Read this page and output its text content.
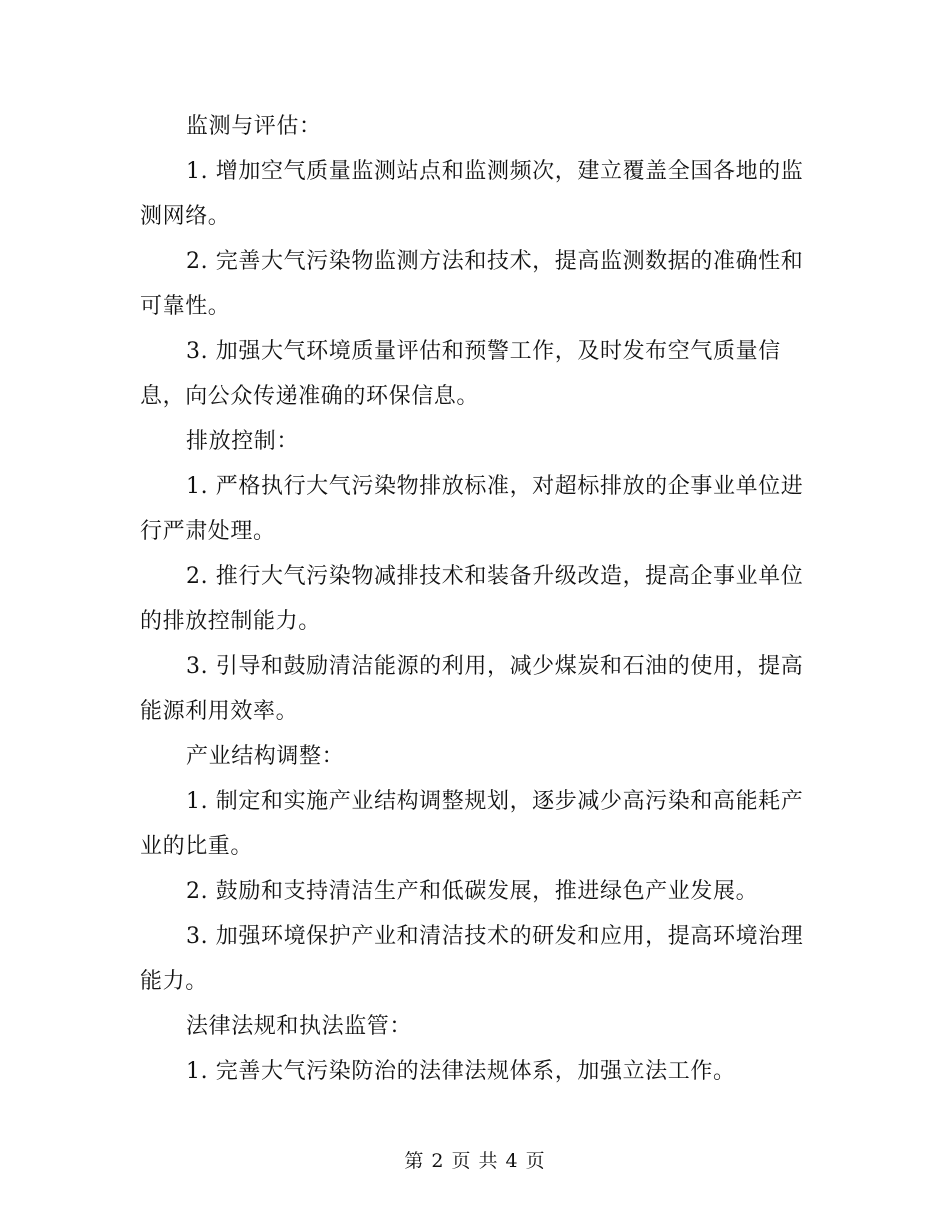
监测与评估：

1. 增加空气质量监测站点和监测频次，建立覆盖全国各地的监测网络。

2. 完善大气污染物监测方法和技术，提高监测数据的准确性和可靠性。

3. 加强大气环境质量评估和预警工作，及时发布空气质量信息，向公众传递准确的环保信息。

排放控制：

1. 严格执行大气污染物排放标准，对超标排放的企事业单位进行严肃处理。

2. 推行大气污染物减排技术和装备升级改造，提高企事业单位的排放控制能力。

3. 引导和鼓励清洁能源的利用，减少煤炭和石油的使用，提高能源利用效率。

产业结构调整：

1. 制定和实施产业结构调整规划，逐步减少高污染和高能耗产业的比重。

2. 鼓励和支持清洁生产和低碳发展，推进绿色产业发展。

3. 加强环境保护产业和清洁技术的研发和应用，提高环境治理能力。

法律法规和执法监管：

1. 完善大气污染防治的法律法规体系，加强立法工作。

第 2 页 共 4 页
